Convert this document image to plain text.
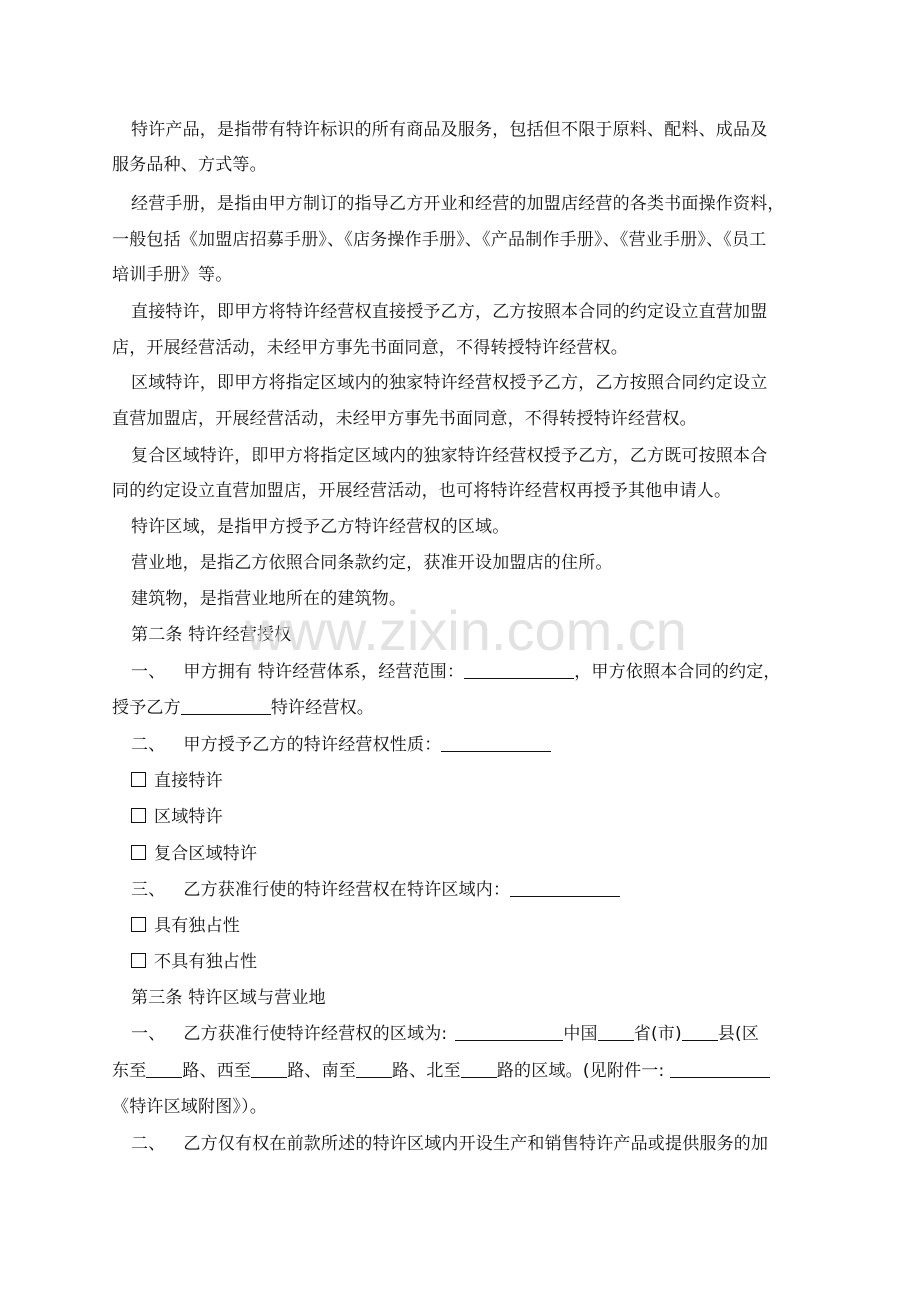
特许产品，是指带有特许标识的所有商品及服务，包括但不限于原料、配料、成品及
服务品种、方式等。
经营手册，是指由甲方制订的指导乙方开业和经营的加盟店经营的各类书面操作资料，
一般包括《加盟店招募手册》、《店务操作手册》、《产品制作手册》、《营业手册》、《员工
培训手册》等。
直接特许，即甲方将特许经营权直接授予乙方，乙方按照本合同的约定设立直营加盟
店，开展经营活动，未经甲方事先书面同意，不得转授特许经营权。
区域特许，即甲方将指定区域内的独家特许经营权授予乙方，乙方按照合同约定设立
直营加盟店，开展经营活动，未经甲方事先书面同意，不得转授特许经营权。
复合区域特许，即甲方将指定区域内的独家特许经营权授予乙方，乙方既可按照本合
同的约定设立直营加盟店，开展经营活动，也可将特许经营权再授予其他申请人。
特许区域，是指甲方授予乙方特许经营权的区域。
营业地，是指乙方依照合同条款约定，获准开设加盟店的住所。
建筑物，是指营业地所在的建筑物。
第二条 特许经营授权
一、 甲方拥有 特许经营体系，经营范围：	，甲方依照本合同的约定，
授予乙方	特许经营权。
二、 甲方授予乙方的特许经营权性质：
直接特许
区域特许
复合区域特许
三、 乙方获准行使的特许经营权在特许区域内：
具有独占性
不具有独占性
第三条 特许区域与营业地
一、 乙方获准行使特许经营权的区域为:	中国 省(市) 县(区
东至 路、西至 路、南至 路、北至 路的区域。(见附件一:
《特许区域附图》）。
二、 乙方仅有权在前款所述的特许区域内开设生产和销售特许产品或提供服务的加
www.zixin.com.cn
